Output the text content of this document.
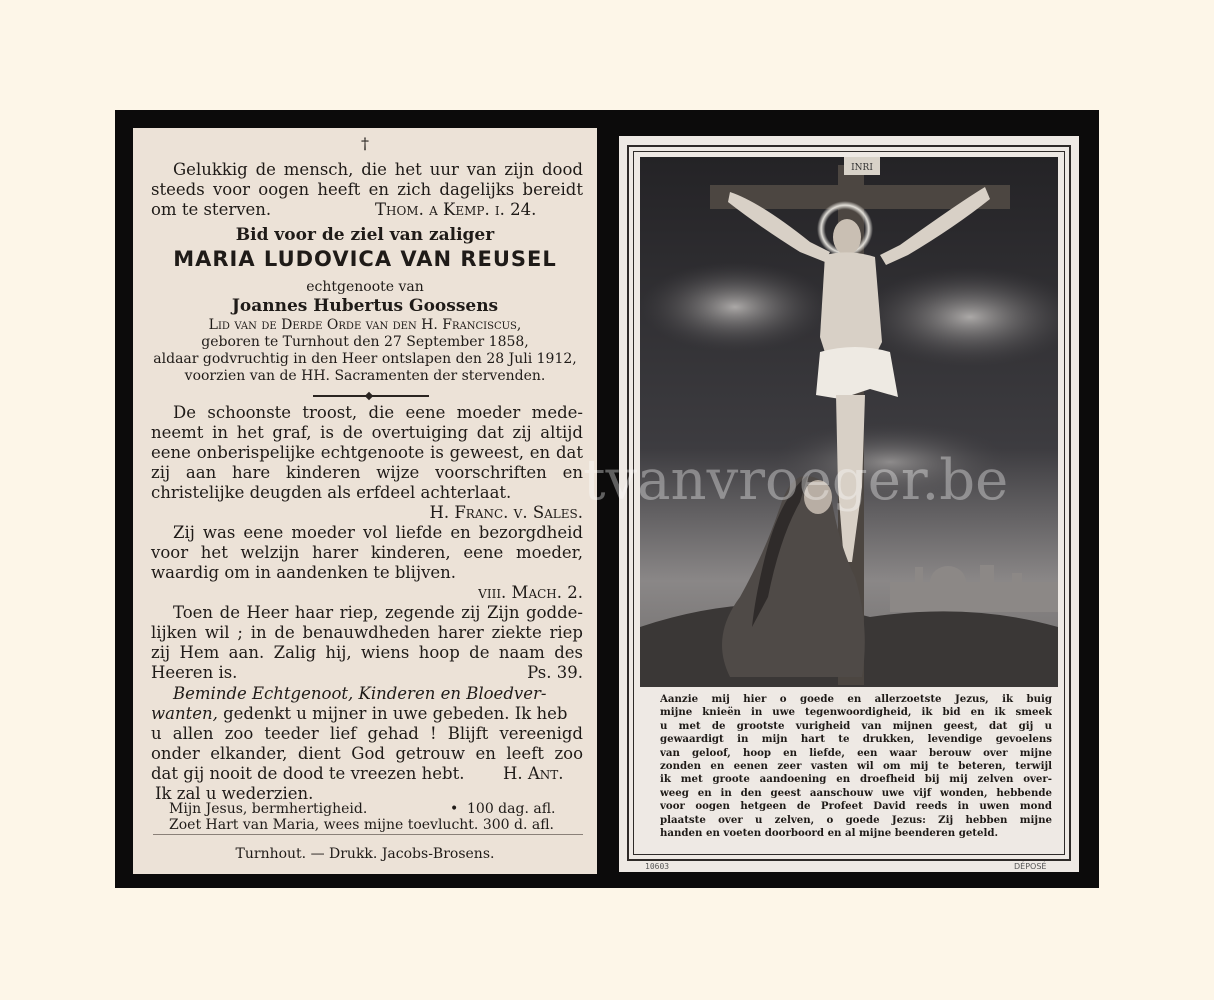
†
Gelukkig de mensch, die het uur van zijn dood
steeds voor oogen heeft en zich dagelijks bereidt
om te sterven.	Thom. a Kemp. i. 24.
Bid voor de ziel van zaliger
MARIA LUDOVICA VAN REUSEL
echtgenoote van
Joannes Hubertus Goossens
Lid van de Derde Orde van den H. Franciscus,
geboren te Turnhout den 27 September 1858,
aldaar godvruchtig in den Heer ontslapen den 28 Juli 1912,
voorzien van de HH. Sacramenten der stervenden.
De schoonste troost, die eene moeder mede-
neemt in het graf, is de overtuiging dat zij altijd
eene onberispelijke echtgenoote is geweest, en dat
zij aan hare kinderen wijze voorschriften en
christelijke deugden als erfdeel achterlaat.
H. Franc. v. Sales.
Zij was eene moeder vol liefde en bezorgdheid
voor het welzijn harer kinderen, eene moeder,
waardig om in aandenken te blijven.
viii. Mach. 2.
Toen de Heer haar riep, zegende zij Zijn godde-
lijken wil ; in de benauwdheden harer ziekte riep
zij Hem aan. Zalig hij, wiens hoop de naam des
Heeren is.	Ps. 39.
Beminde Echtgenoot, Kinderen en Bloedver-
wanten, gedenkt u mijner in uwe gebeden. Ik heb
u allen zoo teeder lief gehad ! Blijft vereenigd
onder elkander, dient God getrouw en leeft zoo
dat gij nooit de dood te vreezen hebt. H. Ant.
Ik zal u wederzien.
Mijn Jesus, bermhertigheid.	• 100 dag. afl.
Zoet Hart van Maria, wees mijne toevlucht. 300 d. afl.
Turnhout. — Drukk. Jacobs-Brosens.
INRI
Aanzie mij hier o goede en allerzoetste Jezus, ik buig
mijne knieën in uwe tegenwoordigheid, ik bid en ik smeek
u met de grootste vurigheid van mijnen geest, dat gij u
gewaardigt in mijn hart te drukken, levendige gevoelens
van geloof, hoop en liefde, een waar berouw over mijne
zonden en eenen zeer vasten wil om mij te beteren, terwijl
ik met groote aandoening en droefheid bij mij zelven over-
weeg en in den geest aanschouw uwe vijf wonden, hebbende
voor oogen hetgeen de Profeet David reeds in uwen mond
plaatste over u zelven, o goede Jezus: Zij hebben mijne
handen en voeten doorboord en al mijne beenderen geteld.
10603	DÉPOSÉ
tvanvroeger.be
